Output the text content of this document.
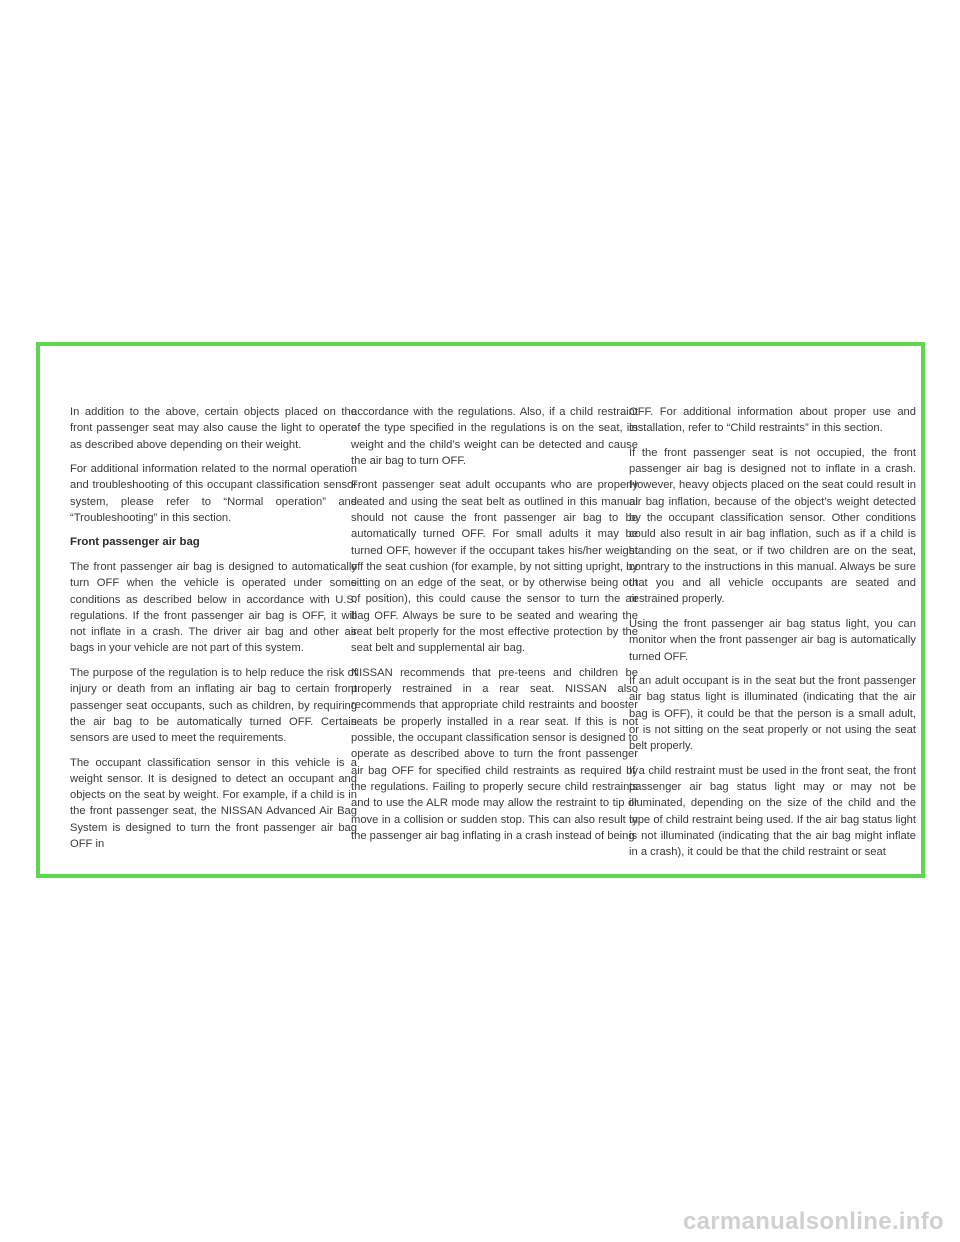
In addition to the above, certain objects placed on the front passenger seat may also cause the light to operate as described above depending on their weight.

For additional information related to the normal operation and troubleshooting of this occupant classification sensor system, please refer to “Normal operation” and “Troubleshooting” in this section.

Front passenger air bag

The front passenger air bag is designed to automatically turn OFF when the vehicle is operated under some conditions as described below in accordance with U.S. regulations. If the front passenger air bag is OFF, it will not inflate in a crash. The driver air bag and other air bags in your vehicle are not part of this system.

The purpose of the regulation is to help reduce the risk of injury or death from an inflating air bag to certain front passenger seat occupants, such as children, by requiring the air bag to be automatically turned OFF. Certain sensors are used to meet the requirements.

The occupant classification sensor in this vehicle is a weight sensor. It is designed to detect an occupant and objects on the seat by weight. For example, if a child is in the front passenger seat, the NISSAN Advanced Air Bag System is designed to turn the front passenger air bag OFF in

accordance with the regulations. Also, if a child restraint of the type specified in the regulations is on the seat, its weight and the child’s weight can be detected and cause the air bag to turn OFF.

Front passenger seat adult occupants who are properly seated and using the seat belt as outlined in this manual should not cause the front passenger air bag to be automatically turned OFF. For small adults it may be turned OFF, however if the occupant takes his/her weight off the seat cushion (for example, by not sitting upright, by sitting on an edge of the seat, or by otherwise being out of position), this could cause the sensor to turn the air bag OFF. Always be sure to be seated and wearing the seat belt properly for the most effective protection by the seat belt and supplemental air bag.

NISSAN recommends that pre-teens and children be properly restrained in a rear seat. NISSAN also recommends that appropriate child restraints and booster seats be properly installed in a rear seat. If this is not possible, the occupant classification sensor is designed to operate as described above to turn the front passenger air bag OFF for specified child restraints as required by the regulations. Failing to properly secure child restraints and to use the ALR mode may allow the restraint to tip or move in a collision or sudden stop. This can also result in the passenger air bag inflating in a crash instead of being

OFF. For additional information about proper use and installation, refer to “Child restraints” in this section.

If the front passenger seat is not occupied, the front passenger air bag is designed not to inflate in a crash. However, heavy objects placed on the seat could result in air bag inflation, because of the object’s weight detected by the occupant classification sensor. Other conditions could also result in air bag inflation, such as if a child is standing on the seat, or if two children are on the seat, contrary to the instructions in this manual. Always be sure that you and all vehicle occupants are seated and restrained properly.

Using the front passenger air bag status light, you can monitor when the front passenger air bag is automatically turned OFF.

If an adult occupant is in the seat but the front passenger air bag status light is illuminated (indicating that the air bag is OFF), it could be that the person is a small adult, or is not sitting on the seat properly or not using the seat belt properly.

If a child restraint must be used in the front seat, the front passenger air bag status light may or may not be illuminated, depending on the size of the child and the type of child restraint being used. If the air bag status light is not illuminated (indicating that the air bag might inflate in a crash), it could be that the child restraint or seat

carmanualsonline.info
